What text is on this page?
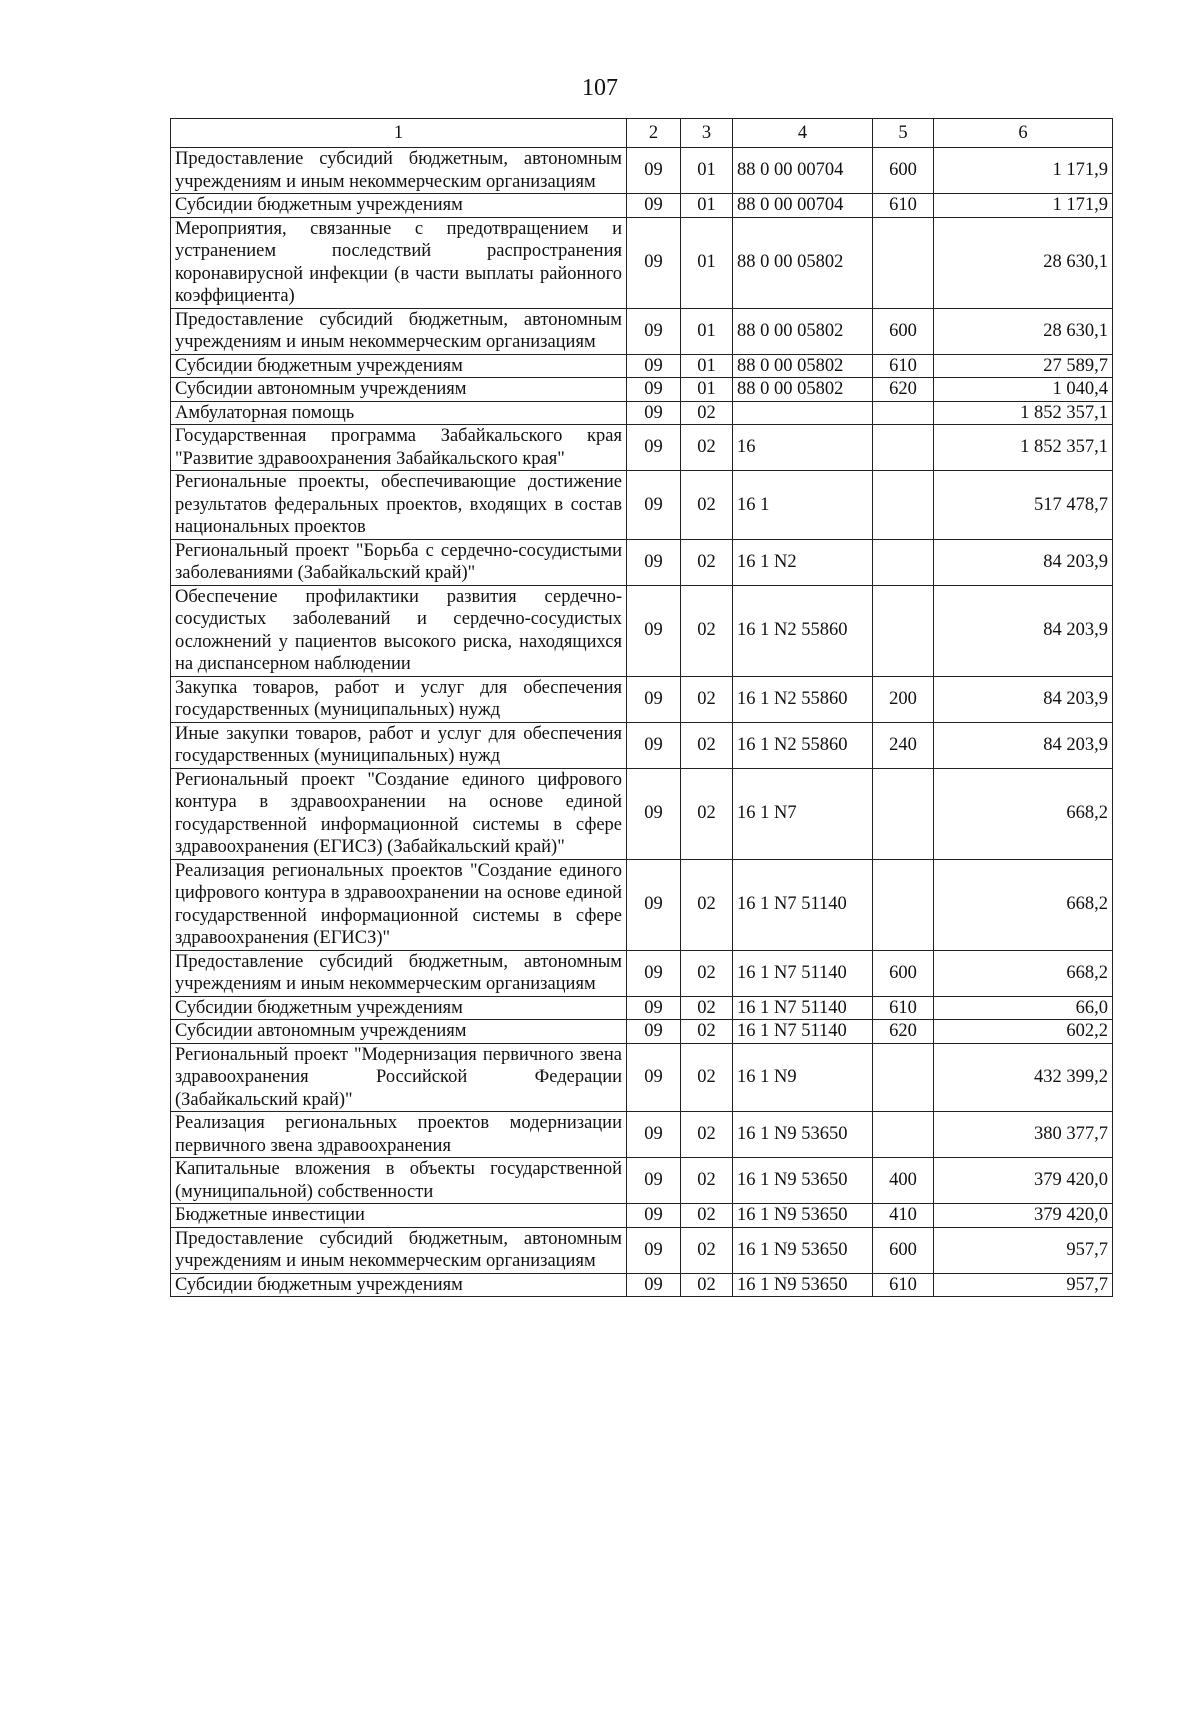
107
1	2	3	4	5	6
Предоставление субсидий бюджетным, автономным учреждениям и иным некоммерческим организациям	09	01	88 0 00 00704	600	1 171,9
Субсидии бюджетным учреждениям	09	01	88 0 00 00704	610	1 171,9
Мероприятия, связанные с предотвращением и устранением последствий распространения коронавирусной инфекции (в части выплаты районного коэффициента)	09	01	88 0 00 05802		28 630,1
Предоставление субсидий бюджетным, автономным учреждениям и иным некоммерческим организациям	09	01	88 0 00 05802	600	28 630,1
Субсидии бюджетным учреждениям	09	01	88 0 00 05802	610	27 589,7
Субсидии автономным учреждениям	09	01	88 0 00 05802	620	1 040,4
Амбулаторная помощь	09	02			1 852 357,1
Государственная программа Забайкальского края "Развитие здравоохранения Забайкальского края"	09	02	16		1 852 357,1
Региональные проекты, обеспечивающие достижение результатов федеральных проектов, входящих в состав национальных проектов	09	02	16 1		517 478,7
Региональный проект "Борьба с сердечно-сосудистыми заболеваниями (Забайкальский край)"	09	02	16 1 N2		84 203,9
Обеспечение профилактики развития сердечно-сосудистых заболеваний и сердечно-сосудистых осложнений у пациентов высокого риска, находящихся на диспансерном наблюдении	09	02	16 1 N2 55860		84 203,9
Закупка товаров, работ и услуг для обеспечения государственных (муниципальных) нужд	09	02	16 1 N2 55860	200	84 203,9
Иные закупки товаров, работ и услуг для обеспечения государственных (муниципальных) нужд	09	02	16 1 N2 55860	240	84 203,9
Региональный проект "Создание единого цифрового контура в здравоохранении на основе единой государственной информационной системы в сфере здравоохранения (ЕГИСЗ) (Забайкальский край)"	09	02	16 1 N7		668,2
Реализация региональных проектов "Создание единого цифрового контура в здравоохранении на основе единой государственной информационной системы в сфере здравоохранения (ЕГИСЗ)"	09	02	16 1 N7 51140		668,2
Предоставление субсидий бюджетным, автономным учреждениям и иным некоммерческим организациям	09	02	16 1 N7 51140	600	668,2
Субсидии бюджетным учреждениям	09	02	16 1 N7 51140	610	66,0
Субсидии автономным учреждениям	09	02	16 1 N7 51140	620	602,2
Региональный проект "Модернизация первичного звена здравоохранения Российской Федерации (Забайкальский край)"	09	02	16 1 N9		432 399,2
Реализация региональных проектов модернизации первичного звена здравоохранения	09	02	16 1 N9 53650		380 377,7
Капитальные вложения в объекты государственной (муниципальной) собственности	09	02	16 1 N9 53650	400	379 420,0
Бюджетные инвестиции	09	02	16 1 N9 53650	410	379 420,0
Предоставление субсидий бюджетным, автономным учреждениям и иным некоммерческим организациям	09	02	16 1 N9 53650	600	957,7
Субсидии бюджетным учреждениям	09	02	16 1 N9 53650	610	957,7
